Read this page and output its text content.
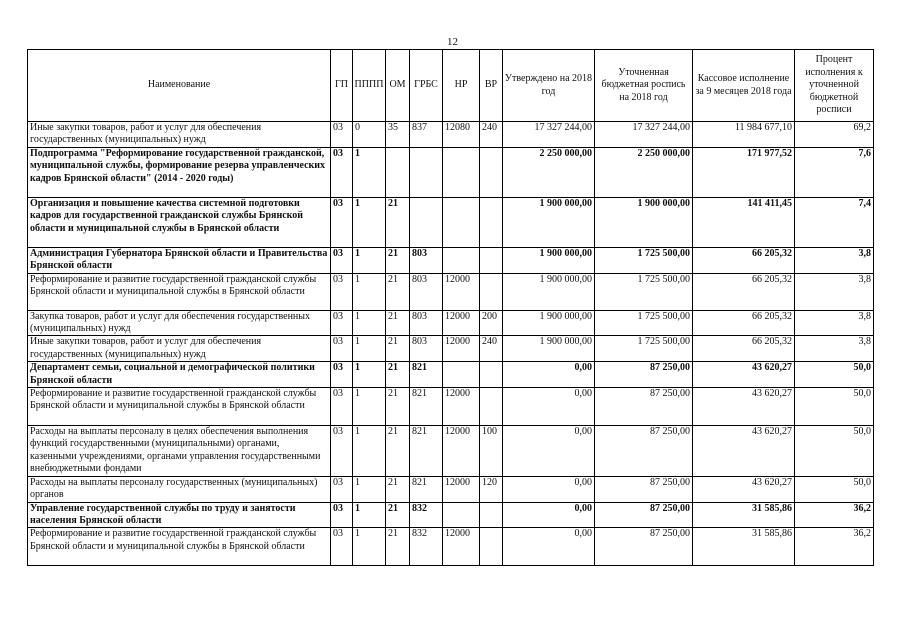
12
Наименование	ГП	ПППП	ОМ	ГРБС	НР	ВР	Утверждено на 2018 год	Уточненная бюджетная роспись на 2018 год	Кассовое исполнение за 9 месяцев 2018 года	Процент исполнения к уточненной бюджетной росписи
Иные закупки товаров, работ и услуг для обеспечения государственных (муниципальных) нужд	03	0	35	837	12080	240	17 327 244,00	17 327 244,00	11 984 677,10	69,2
Подпрограмма "Реформирование государственной гражданской, муниципальной службы, формирование резерва управленческих кадров Брянской области" (2014 - 2020 годы)	03	1					2 250 000,00	2 250 000,00	171 977,52	7,6
Организация и повышение качества системной подготовки кадров для государственной гражданской службы Брянской области и муниципальной службы в Брянской области	03	1	21				1 900 000,00	1 900 000,00	141 411,45	7,4
Администрация Губернатора Брянской области и Правительства Брянской области	03	1	21	803			1 900 000,00	1 725 500,00	66 205,32	3,8
Реформирование и развитие государственной гражданской службы Брянской области и муниципальной службы в Брянской области	03	1	21	803	12000		1 900 000,00	1 725 500,00	66 205,32	3,8
Закупка товаров, работ и услуг для обеспечения государственных (муниципальных) нужд	03	1	21	803	12000	200	1 900 000,00	1 725 500,00	66 205,32	3,8
Иные закупки товаров, работ и услуг для обеспечения государственных (муниципальных) нужд	03	1	21	803	12000	240	1 900 000,00	1 725 500,00	66 205,32	3,8
Департамент семьи, социальной и демографической политики Брянской области	03	1	21	821			0,00	87 250,00	43 620,27	50,0
Реформирование и развитие государственной гражданской службы Брянской области и муниципальной службы в Брянской области	03	1	21	821	12000		0,00	87 250,00	43 620,27	50,0
Расходы на выплаты персоналу в целях обеспечения выполнения функций государственными (муниципальными) органами, казенными учреждениями, органами управления государственными внебюджетными фондами	03	1	21	821	12000	100	0,00	87 250,00	43 620,27	50,0
Расходы на выплаты персоналу государственных (муниципальных) органов	03	1	21	821	12000	120	0,00	87 250,00	43 620,27	50,0
Управление государственной службы по труду и занятости населения Брянской области	03	1	21	832			0,00	87 250,00	31 585,86	36,2
Реформирование и развитие государственной гражданской службы Брянской области и муниципальной службы в Брянской области	03	1	21	832	12000		0,00	87 250,00	31 585,86	36,2
